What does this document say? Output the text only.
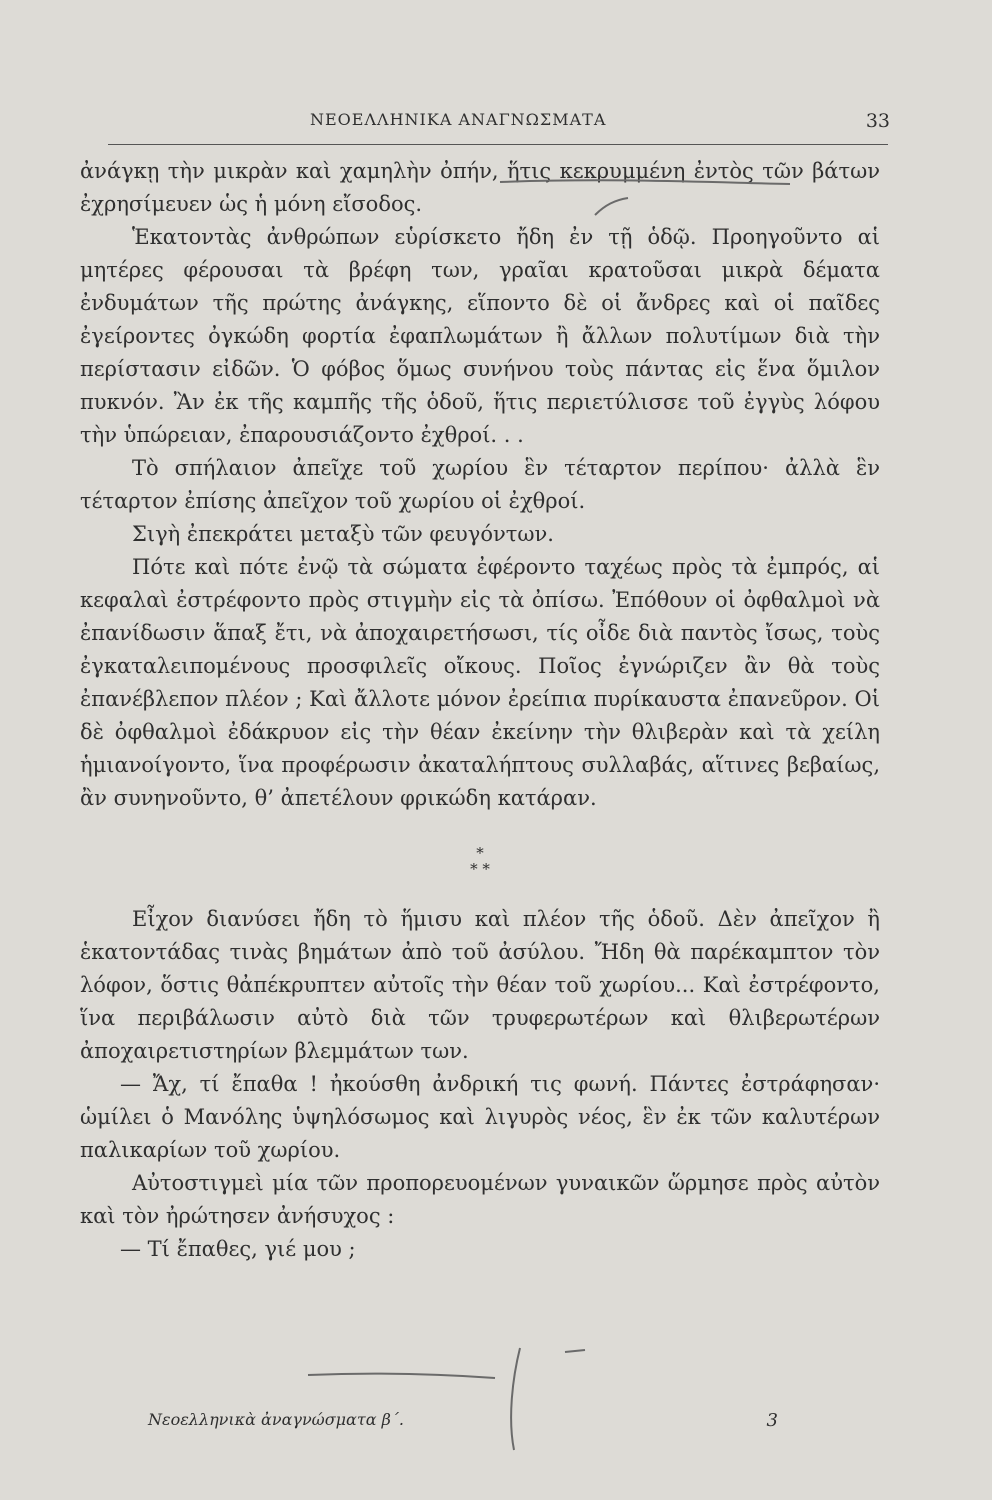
ΝΕΟΕΛΛΗΝΙΚΑ ΑΝΑΓΝΩΣΜΑΤΑ	33

ἀνάγκῃ τὴν μικρὰν καὶ χαμηλὴν ὀπήν, ἥτις κεκρυμμένη ἐντὸς τῶν βάτων ἐχρησίμευεν ὡς ἡ μόνη εἴσοδος.

Ἑκατοντὰς ἀνθρώπων εὑρίσκετο ἤδη ἐν τῇ ὁδῷ. Προηγοῦντο αἱ μητέρες φέρουσαι τὰ βρέφη των, γραῖαι κρατοῦσαι μικρὰ δέματα ἐνδυμάτων τῆς πρώτης ἀνάγκης, εἵποντο δὲ οἱ ἄνδρες καὶ οἱ παῖδες ἐγείροντες ὀγκώδη φορτία ἐφαπλωμάτων ἢ ἄλλων πολυτίμων διὰ τὴν περίστασιν εἰδῶν. Ὁ φόβος ὅμως συνήνου τοὺς πάντας εἰς ἕνα ὅμιλον πυκνόν. Ἂν ἐκ τῆς καμπῆς τῆς ὁδοῦ, ἥτις περιετύλισσε τοῦ ἐγγὺς λόφου τὴν ὑπώρειαν, ἐπαρουσιάζοντο ἐχθροί. . .

Τὸ σπήλαιον ἀπεῖχε τοῦ χωρίου ἓν τέταρτον περίπου· ἀλλὰ ἓν τέταρτον ἐπίσης ἀπεῖχον τοῦ χωρίου οἱ ἐχθροί.

Σιγὴ ἐπεκράτει μεταξὺ τῶν φευγόντων.

Πότε καὶ πότε ἐνῷ τὰ σώματα ἐφέροντο ταχέως πρὸς τὰ ἐμπρός, αἱ κεφαλαὶ ἐστρέφοντο πρὸς στιγμὴν εἰς τὰ ὀπίσω. Ἐπόθουν οἱ ὀφθαλμοὶ νὰ ἐπανίδωσιν ἅπαξ ἔτι, νὰ ἀποχαιρετήσωσι, τίς οἶδε διὰ παντὸς ἴσως, τοὺς ἐγκαταλειπομένους προσφιλεῖς οἴκους. Ποῖος ἐγνώριζεν ἂν θὰ τοὺς ἐπανέβλεπον πλέον ; Καὶ ἄλλοτε μόνον ἐρείπια πυρίκαυστα ἐπανεῦρον. Οἱ δὲ ὀφθαλμοὶ ἐδάκρυον εἰς τὴν θέαν ἐκείνην τὴν θλιβερὰν καὶ τὰ χείλη ἡμιανοίγοντο, ἵνα προφέρωσιν ἀκαταλήπτους συλλαβάς, αἵτινες βεβαίως, ἂν συνηνοῦντο, θ’ ἀπετέλουν φρικώδη κατάραν.

*
* *

Εἶχον διανύσει ἤδη τὸ ἥμισυ καὶ πλέον τῆς ὁδοῦ. Δὲν ἀπεῖχον ἢ ἑκατοντάδας τινὰς βημάτων ἀπὸ τοῦ ἀσύλου. Ἤδη θὰ παρέκαμπτον τὸν λόφον, ὅστις θἀπέκρυπτεν αὐτοῖς τὴν θέαν τοῦ χωρίου... Καὶ ἐστρέφοντο, ἵνα περιβάλωσιν αὐτὸ διὰ τῶν τρυφερωτέρων καὶ θλιβερωτέρων ἀποχαιρετιστηρίων βλεμμάτων των.

— Ἄχ, τί ἔπαθα ! ἠκούσθη ἀνδρική τις φωνή. Πάντες ἐστράφησαν· ὡμίλει ὁ Μανόλης ὑψηλόσωμος καὶ λιγυρὸς νέος, ἓν ἐκ τῶν καλυτέρων παλικαρίων τοῦ χωρίου.

Αὐτοστιγμεὶ μία τῶν προπορευομένων γυναικῶν ὥρμησε πρὸς αὐτὸν καὶ τὸν ἠρώτησεν ἀνήσυχος :

— Τί ἔπαθες, γιέ μου ;

Νεοελληνικὰ ἀναγνώσματα β΄.	3
